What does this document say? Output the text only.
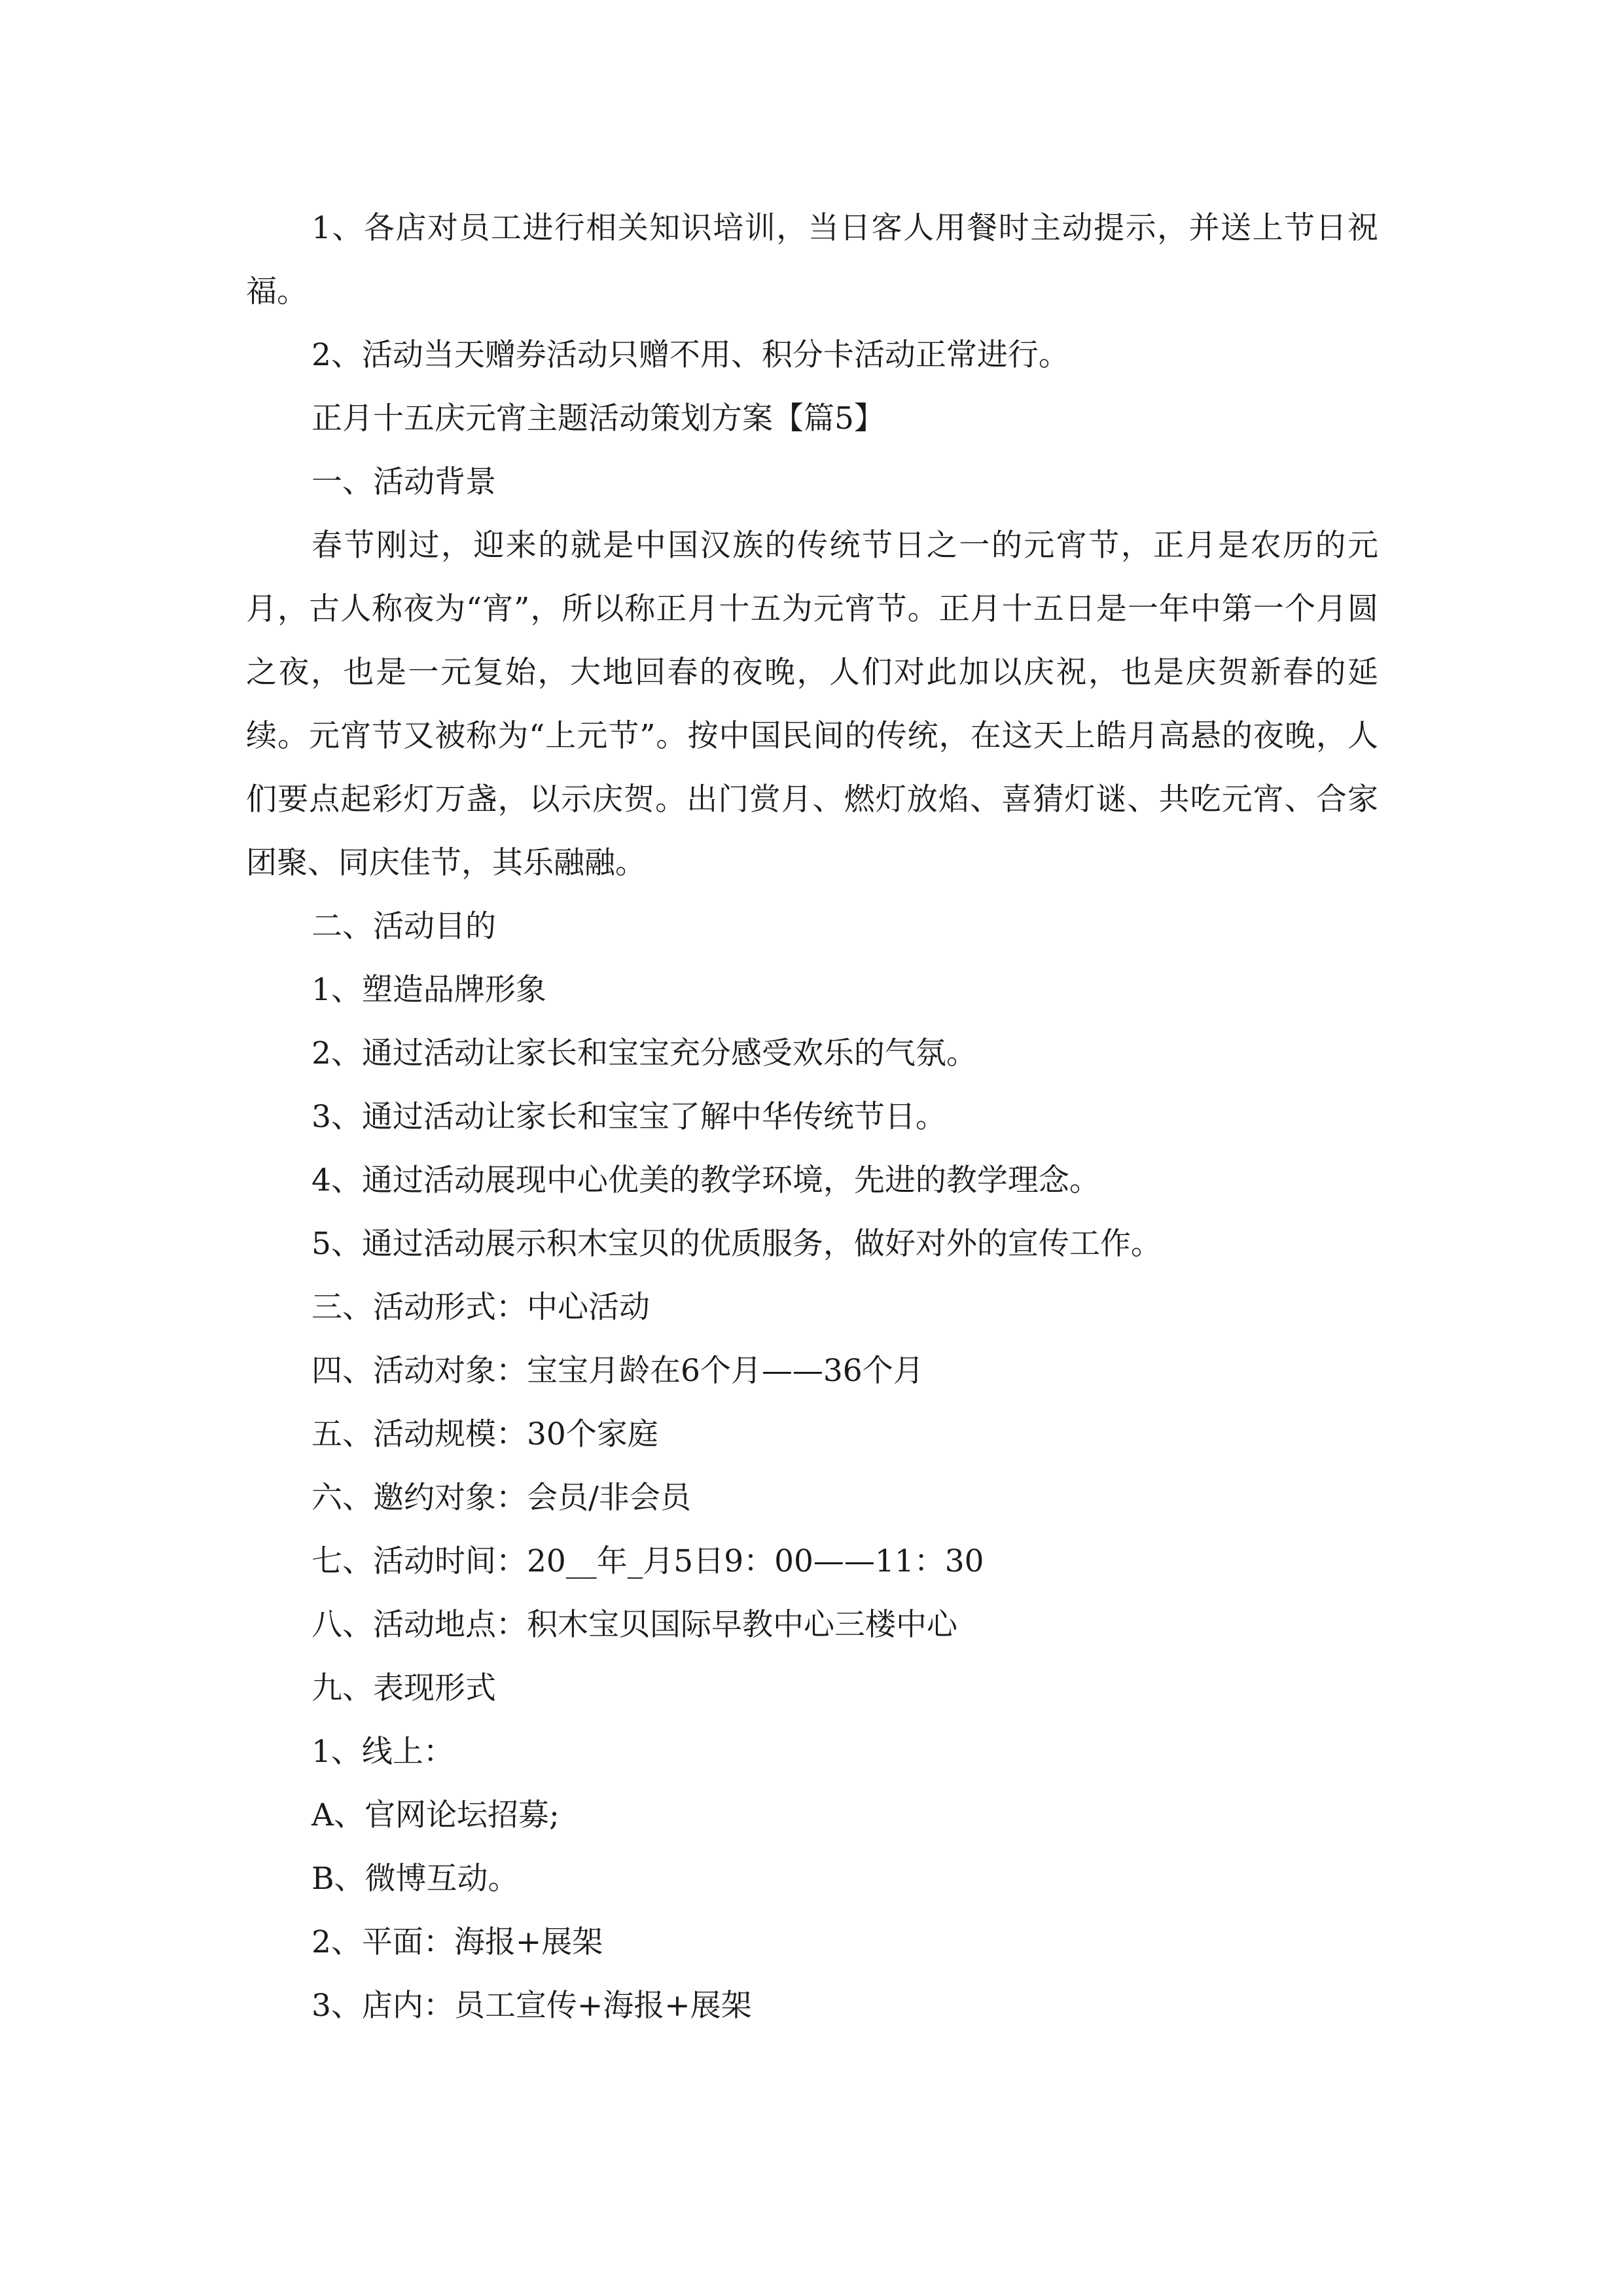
1、各店对员工进行相关知识培训，当日客人用餐时主动提示，并送上节日祝福。

2、活动当天赠券活动只赠不用、积分卡活动正常进行。

正月十五庆元宵主题活动策划方案【篇5】

一、活动背景

春节刚过，迎来的就是中国汉族的传统节日之一的元宵节，正月是农历的元月，古人称夜为“宵”，所以称正月十五为元宵节。正月十五日是一年中第一个月圆之夜，也是一元复始，大地回春的夜晚，人们对此加以庆祝，也是庆贺新春的延续。元宵节又被称为“上元节”。按中国民间的传统，在这天上皓月高悬的夜晚，人们要点起彩灯万盏，以示庆贺。出门赏月、燃灯放焰、喜猜灯谜、共吃元宵、合家团聚、同庆佳节，其乐融融。

二、活动目的

1、塑造品牌形象

2、通过活动让家长和宝宝充分感受欢乐的气氛。

3、通过活动让家长和宝宝了解中华传统节日。

4、通过活动展现中心优美的教学环境，先进的教学理念。

5、通过活动展示积木宝贝的优质服务，做好对外的宣传工作。

三、活动形式：中心活动

四、活动对象：宝宝月龄在6个月——36个月

五、活动规模：30个家庭

六、邀约对象：会员/非会员

七、活动时间：20__年_月5日9：00——11：30

八、活动地点：积木宝贝国际早教中心三楼中心

九、表现形式

1、线上：

A、官网论坛招募;

B、微博互动。

2、平面：海报+展架

3、店内：员工宣传+海报+展架
